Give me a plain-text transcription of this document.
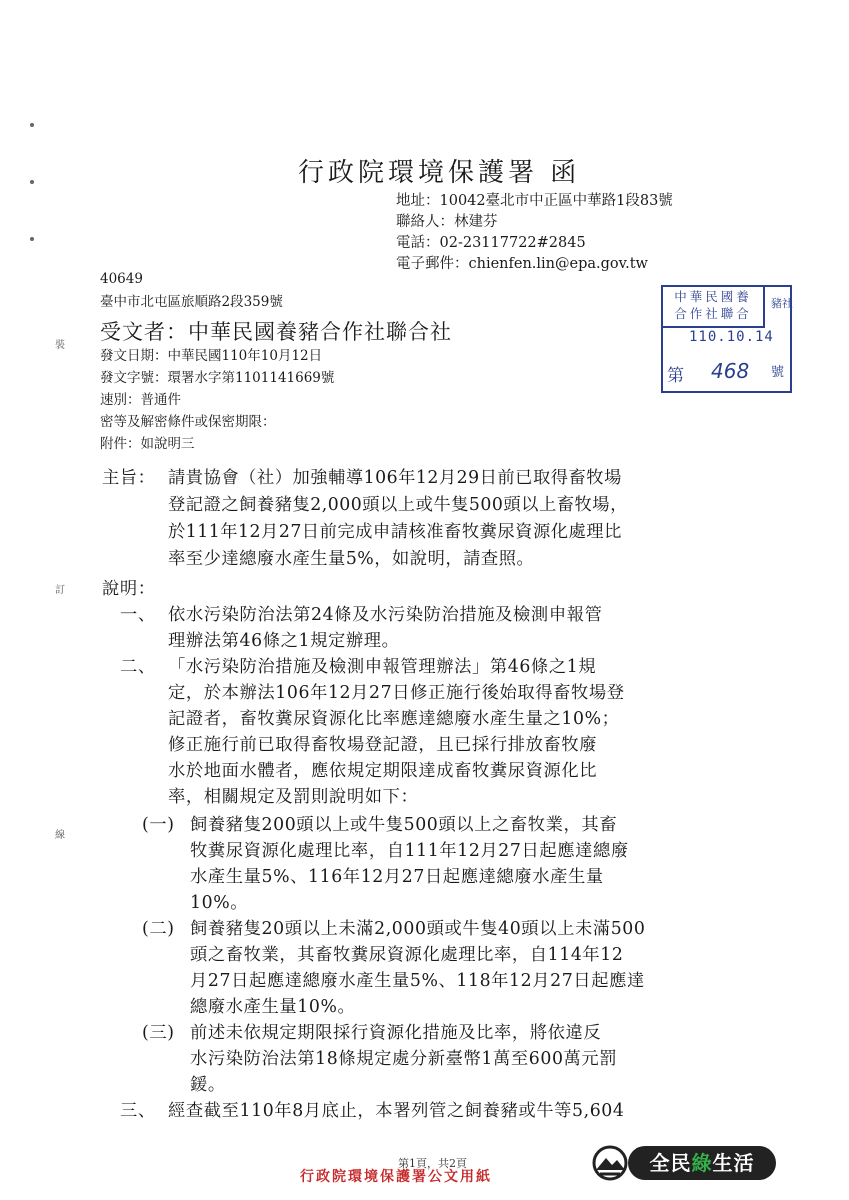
裝
訂
線
行政院環境保護署 函
地址：10042臺北市中正區中華路1段83號
聯絡人：林建芬
電話：02-23117722#2845
電子郵件：chienfen.lin@epa.gov.tw
40649
臺中市北屯區旅順路2段359號
受文者：中華民國養豬合作社聯合社
中華民國養
合作社聯合
豬社
110.10.14
第 468 號
發文日期：中華民國110年10月12日
發文字號：環署水字第1101141669號
速別：普通件
密等及解密條件或保密期限：
附件：如說明三
主旨： 請貴協會（社）加強輔導106年12月29日前已取得畜牧場
登記證之飼養豬隻2,000頭以上或牛隻500頭以上畜牧場，
於111年12月27日前完成申請核准畜牧糞尿資源化處理比
率至少達總廢水產生量5%，如說明，請查照。
說明：
一、 依水污染防治法第24條及水污染防治措施及檢測申報管
理辦法第46條之1規定辦理。
二、 「水污染防治措施及檢測申報管理辦法」第46條之1規
定，於本辦法106年12月27日修正施行後始取得畜牧場登
記證者，畜牧糞尿資源化比率應達總廢水產生量之10%；
修正施行前已取得畜牧場登記證，且已採行排放畜牧廢
水於地面水體者，應依規定期限達成畜牧糞尿資源化比
率，相關規定及罰則說明如下：
(一) 飼養豬隻200頭以上或牛隻500頭以上之畜牧業，其畜
牧糞尿資源化處理比率，自111年12月27日起應達總廢
水產生量5%、116年12月27日起應達總廢水產生量
10%。
(二) 飼養豬隻20頭以上未滿2,000頭或牛隻40頭以上未滿500
頭之畜牧業，其畜牧糞尿資源化處理比率，自114年12
月27日起應達總廢水產生量5%、118年12月27日起應達
總廢水產生量10%。
(三) 前述未依規定期限採行資源化措施及比率，將依違反
水污染防治法第18條規定處分新臺幣1萬至600萬元罰
鍰。
三、 經查截至110年8月底止，本署列管之飼養豬或牛等5,604
第1頁，共2頁
行政院環境保護署公文用紙
全民綠生活
